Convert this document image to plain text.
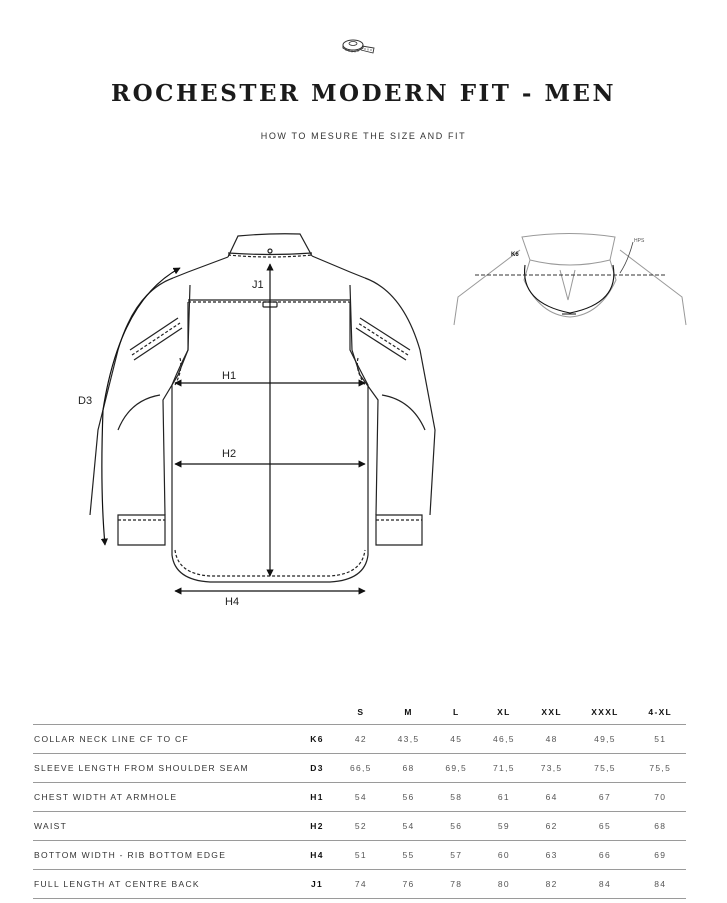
ROCHESTER MODERN FIT - MEN
HOW TO MESURE THE SIZE AND FIT
J1
H1
H2
H4
D3
K6
HPS
		S	M	L	XL	XXL	XXXL	4-XL
COLLAR NECK LINE CF TO CF	K6	42	43,5	45	46,5	48	49,5	51
SLEEVE LENGTH FROM SHOULDER SEAM	D3	66,5	68	69,5	71,5	73,5	75,5	75,5
CHEST WIDTH AT ARMHOLE	H1	54	56	58	61	64	67	70
WAIST	H2	52	54	56	59	62	65	68
BOTTOM WIDTH - RIB BOTTOM EDGE	H4	51	55	57	60	63	66	69
FULL LENGTH AT CENTRE BACK	J1	74	76	78	80	82	84	84
